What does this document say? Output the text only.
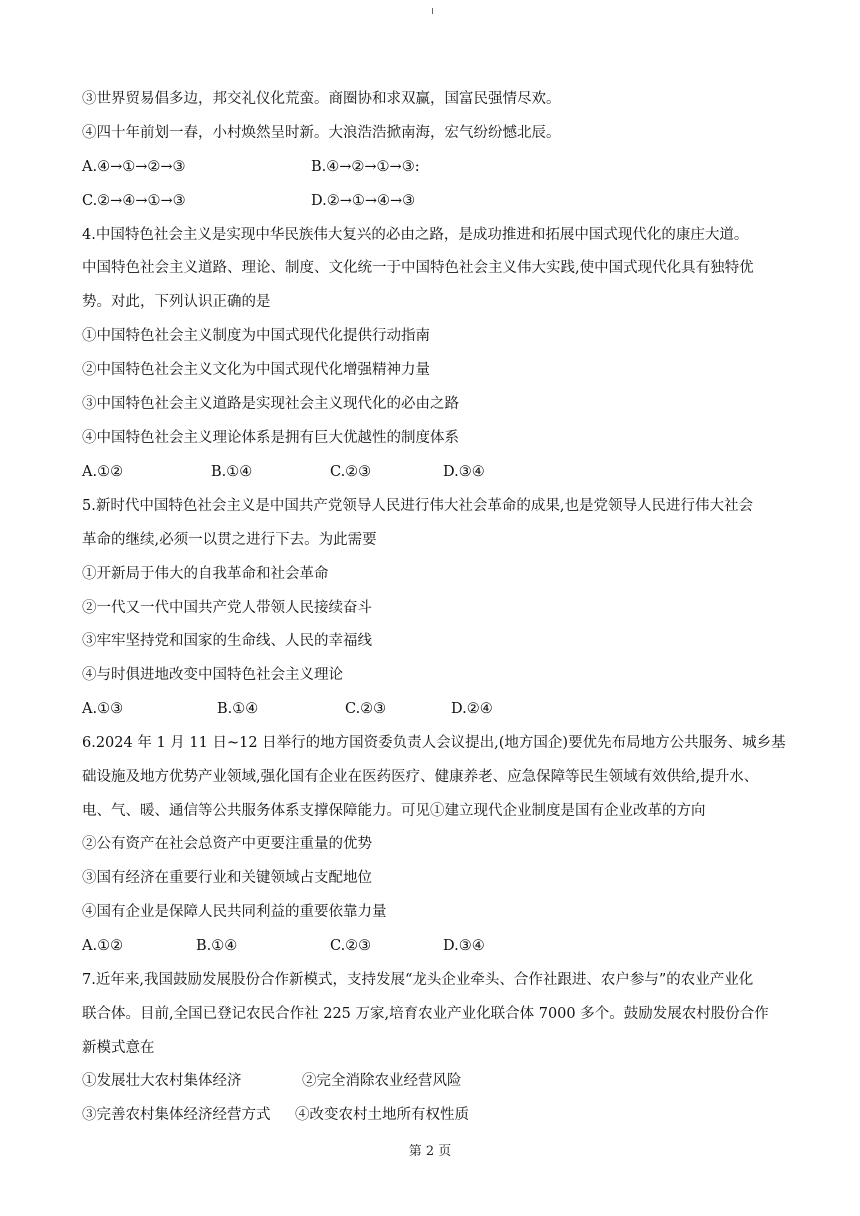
③世界贸易倡多边，邦交礼仪化荒蛮。商圈协和求双赢，国富民强情尽欢。
④四十年前划一春，小村焕然呈时新。大浪浩浩掀南海，宏气纷纷憾北辰。
A.④→①→②→③	B.④→②→①→③:
C.②→④→①→③	D.②→①→④→③
4.中国特色社会主义是实现中华民族伟大复兴的必由之路，是成功推进和拓展中国式现代化的康庄大道。
中国特色社会主义道路、理论、制度、文化统一于中国特色社会主义伟大实践,使中国式现代化具有独特优
势。对此，下列认识正确的是
①中国特色社会主义制度为中国式现代化提供行动指南
②中国特色社会主义文化为中国式现代化增强精神力量
③中国特色社会主义道路是实现社会主义现代化的必由之路
④中国特色社会主义理论体系是拥有巨大优越性的制度体系
A.①②	B.①④	C.②③	D.③④
5.新时代中国特色社会主义是中国共产党领导人民进行伟大社会革命的成果,也是党领导人民进行伟大社会
革命的继续,必须一以贯之进行下去。为此需要
①开新局于伟大的自我革命和社会革命
②一代又一代中国共产党人带领人民接续奋斗
③牢牢坚持党和国家的生命线、人民的幸福线
④与时俱进地改变中国特色社会主义理论
A.①③	B.①④	C.②③	D.②④
6.2024 年 1 月 11 日~12 日举行的地方国资委负责人会议提出,(地方国企)要优先布局地方公共服务、城乡基
础设施及地方优势产业领域,强化国有企业在医药医疗、健康养老、应急保障等民生领域有效供给,提升水、
电、气、暖、通信等公共服务体系支撑保障能力。可见①建立现代企业制度是国有企业改革的方向
②公有资产在社会总资产中更要注重量的优势
③国有经济在重要行业和关键领域占支配地位
④国有企业是保障人民共同利益的重要依靠力量
A.①②	B.①④	C.②③	D.③④
7.近年来,我国鼓励发展股份合作新模式，支持发展“龙头企业牵头、合作社跟进、农户参与”的农业产业化
联合体。目前,全国已登记农民合作社 225 万家,培育农业产业化联合体 7000 多个。鼓励发展农村股份合作
新模式意在
①发展壮大农村集体经济	②完全消除农业经营风险
③完善农村集体经济经营方式 ④改变农村土地所有权性质
第 2 页
